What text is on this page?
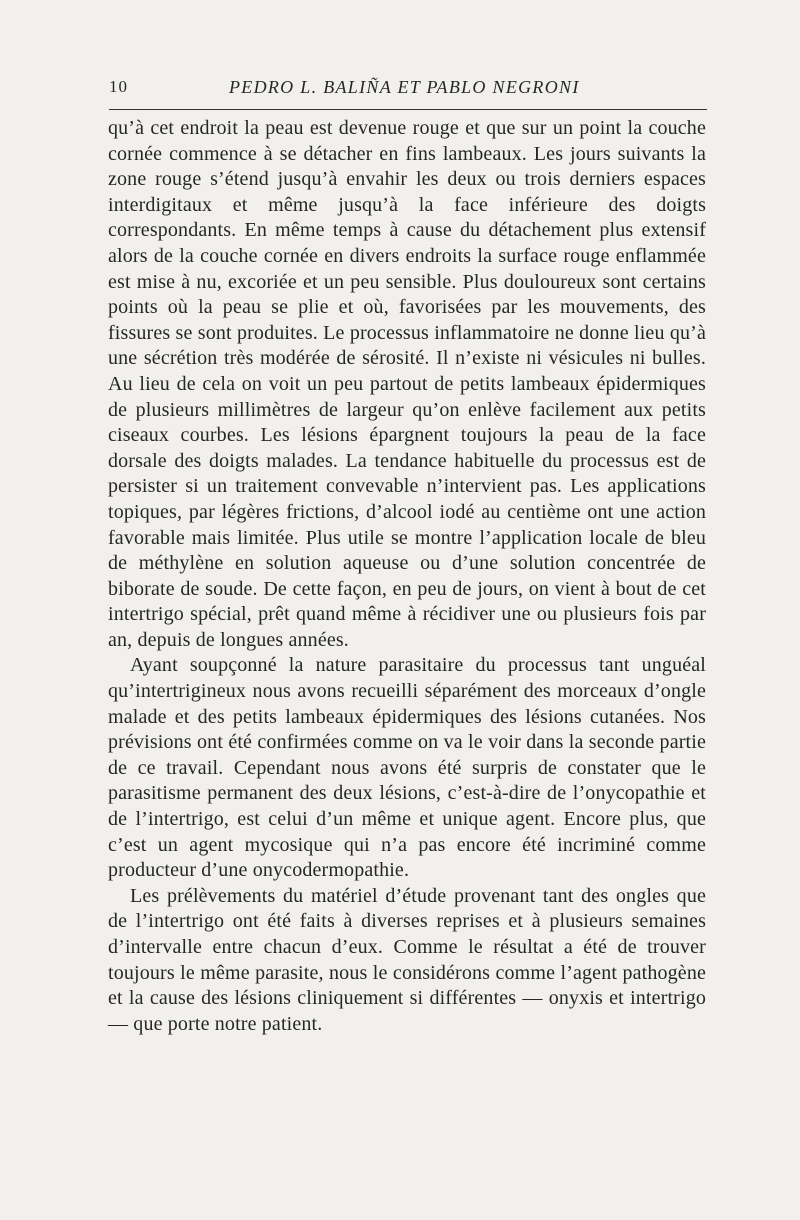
10	PEDRO L. BALIÑA ET PABLO NEGRONI

qu’à cet endroit la peau est devenue rouge et que sur un point la couche cornée commence à se détacher en fins lambeaux. Les jours suivants la zone rouge s’étend jusqu’à envahir les deux ou trois derniers espaces interdigitaux et même jusqu’à la face inférieure des doigts correspondants. En même temps à cause du détachement plus extensif alors de la couche cornée en divers endroits la surface rouge enflammée est mise à nu, excoriée et un peu sensible. Plus douloureux sont certains points où la peau se plie et où, favorisées par les mouvements, des fissures se sont produites. Le processus inflammatoire ne donne lieu qu’à une sécrétion très modérée de sérosité. Il n’existe ni vésicules ni bulles. Au lieu de cela on voit un peu partout de petits lambeaux épidermiques de plusieurs millimètres de largeur qu’on enlève facilement aux petits ciseaux courbes. Les lésions épargnent toujours la peau de la face dorsale des doigts malades. La tendance habituelle du processus est de persister si un traitement convevable n’intervient pas. Les applications topiques, par légères frictions, d’alcool iodé au centième ont une action favorable mais limitée. Plus utile se montre l’application locale de bleu de méthylène en solution aqueuse ou d’une solution concentrée de biborate de soude. De cette façon, en peu de jours, on vient à bout de cet intertrigo spécial, prêt quand même à récidiver une ou plusieurs fois par an, depuis de longues années.

Ayant soupçonné la nature parasitaire du processus tant unguéal qu’intertrigineux nous avons recueilli séparément des morceaux d’ongle malade et des petits lambeaux épidermiques des lésions cutanées. Nos prévisions ont été confirmées comme on va le voir dans la seconde partie de ce travail. Cependant nous avons été surpris de constater que le parasitisme permanent des deux lésions, c’est-à-dire de l’onycopathie et de l’intertrigo, est celui d’un même et unique agent. Encore plus, que c’est un agent mycosique qui n’a pas encore été incriminé comme producteur d’une onycodermopathie.

Les prélèvements du matériel d’étude provenant tant des ongles que de l’intertrigo ont été faits à diverses reprises et à plusieurs semaines d’intervalle entre chacun d’eux. Comme le résultat a été de trouver toujours le même parasite, nous le considérons comme l’agent pathogène et la cause des lésions cliniquement si différentes — onyxis et intertrigo — que porte notre patient.
